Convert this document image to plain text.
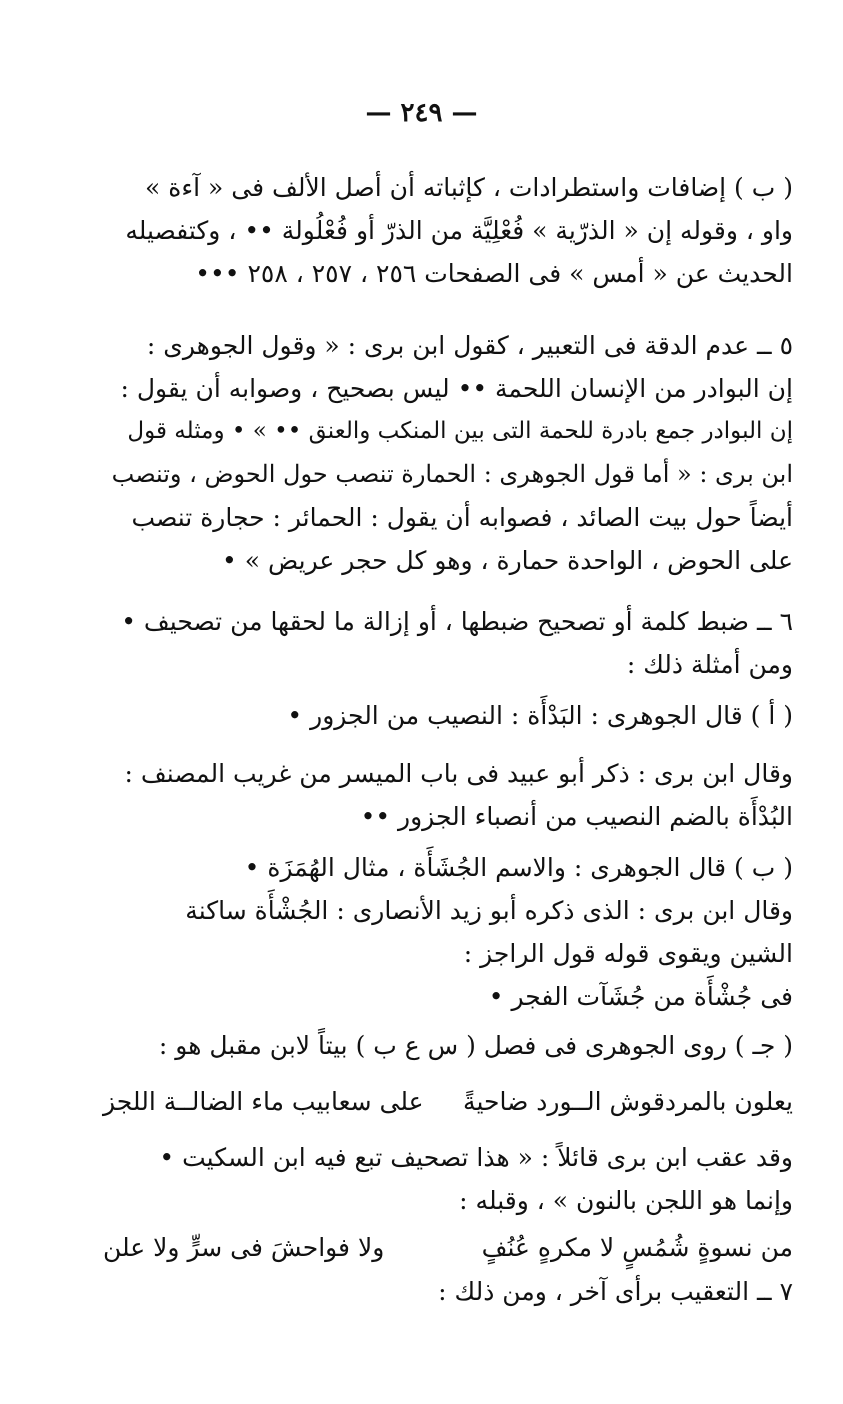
— ٢٤٩ —
( ب ) إضافات واستطرادات ، كإثباته أن أصل الألف فى « آءة »
واو ، وقوله إن « الذرّية » فُعْلِيَّة من الذرّ أو فُعْلُولة •• ، وكتفصيله
الحديث عن « أمس » فى الصفحات ٢٥٦ ، ٢٥٧ ، ٢٥٨ •••
٥ ــ عدم الدقة فى التعبير ، كقول ابن برى : « وقول الجوهرى :
إن البوادر من الإنسان اللحمة •• ليس بصحيح ، وصوابه أن يقول :
إن البوادر جمع بادرة للحمة التى بين المنكب والعنق •• » • ومثله قول
ابن برى : « أما قول الجوهرى : الحمارة تنصب حول الحوض ، وتنصب
أيضاً حول بيت الصائد ، فصوابه أن يقول : الحمائر : حجارة تنصب
على الحوض ، الواحدة حمارة ، وهو كل حجر عريض » •
٦ ــ ضبط كلمة أو تصحيح ضبطها ، أو إزالة ما لحقها من تصحيف •
ومن أمثلة ذلك :
( أ ) قال الجوهرى : البَدْأَة : النصيب من الجزور •
وقال ابن برى : ذكر أبو عبيد فى باب الميسر من غريب المصنف :
البُدْأَة بالضم النصيب من أنصباء الجزور ••
( ب ) قال الجوهرى : والاسم الجُشَأَة ، مثال الهُمَزَة •
وقال ابن برى : الذى ذكره أبو زيد الأنصارى : الجُشْأَة ساكنة
الشين ويقوى قوله قول الراجز :
فى جُشْأَة من جُشَآت الفجر •
( جـ ) روى الجوهرى فى فصل ( س ع ب ) بيتاً لابن مقبل هو :
يعلون بالمردقوش الــورد ضاحيةً
على سعابيب ماء الضالــة اللجز
وقد عقب ابن برى قائلاً : « هذا تصحيف تبع فيه ابن السكيت •
وإنما هو اللجن بالنون » ، وقبله :
من نسوةٍ شُمُسٍ لا مكرهٍ عُنُفٍ
ولا فواحشَ فى سرٍّ ولا علن
٧ ــ التعقيب برأى آخر ، ومن ذلك :
